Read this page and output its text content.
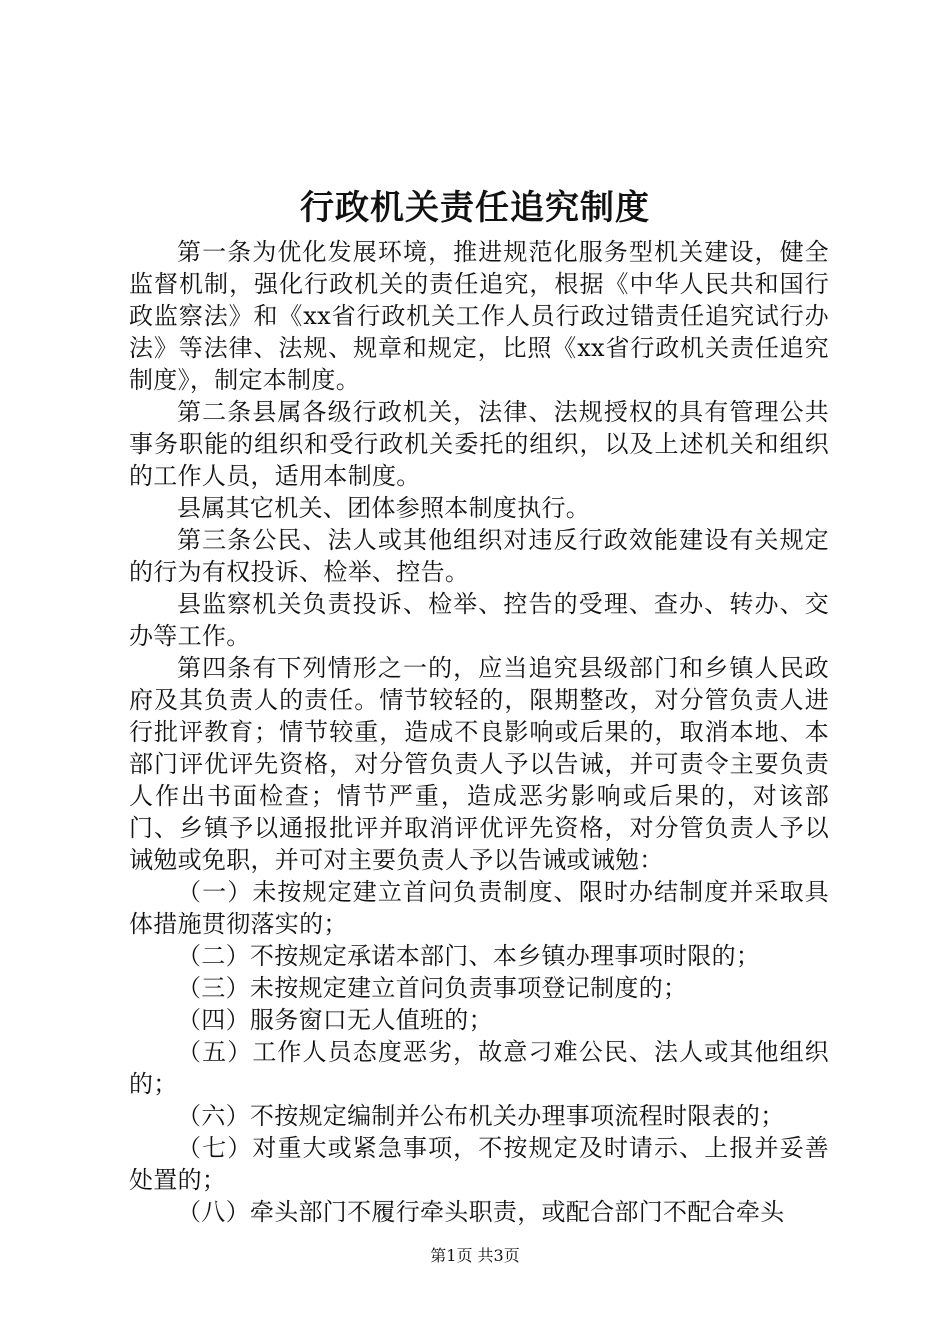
行政机关责任追究制度

第一条为优化发展环境，推进规范化服务型机关建设，健全监督机制，强化行政机关的责任追究，根据《中华人民共和国行政监察法》和《xx省行政机关工作人员行政过错责任追究试行办法》等法律、法规、规章和规定，比照《xx省行政机关责任追究制度》，制定本制度。

第二条县属各级行政机关，法律、法规授权的具有管理公共事务职能的组织和受行政机关委托的组织，以及上述机关和组织的工作人员，适用本制度。

县属其它机关、团体参照本制度执行。

第三条公民、法人或其他组织对违反行政效能建设有关规定的行为有权投诉、检举、控告。

县监察机关负责投诉、检举、控告的受理、查办、转办、交办等工作。

第四条有下列情形之一的，应当追究县级部门和乡镇人民政府及其负责人的责任。情节较轻的，限期整改，对分管负责人进行批评教育；情节较重，造成不良影响或后果的，取消本地、本部门评优评先资格，对分管负责人予以告诫，并可责令主要负责人作出书面检查；情节严重，造成恶劣影响或后果的，对该部门、乡镇予以通报批评并取消评优评先资格，对分管负责人予以诫勉或免职，并可对主要负责人予以告诫或诫勉：

（一）未按规定建立首问负责制度、限时办结制度并采取具体措施贯彻落实的；

（二）不按规定承诺本部门、本乡镇办理事项时限的；

（三）未按规定建立首问负责事项登记制度的；

（四）服务窗口无人值班的；

（五）工作人员态度恶劣，故意刁难公民、法人或其他组织的；

（六）不按规定编制并公布机关办理事项流程时限表的；

（七）对重大或紧急事项，不按规定及时请示、上报并妥善处置的；

（八）牵头部门不履行牵头职责，或配合部门不配合牵头

第1页 共3页
